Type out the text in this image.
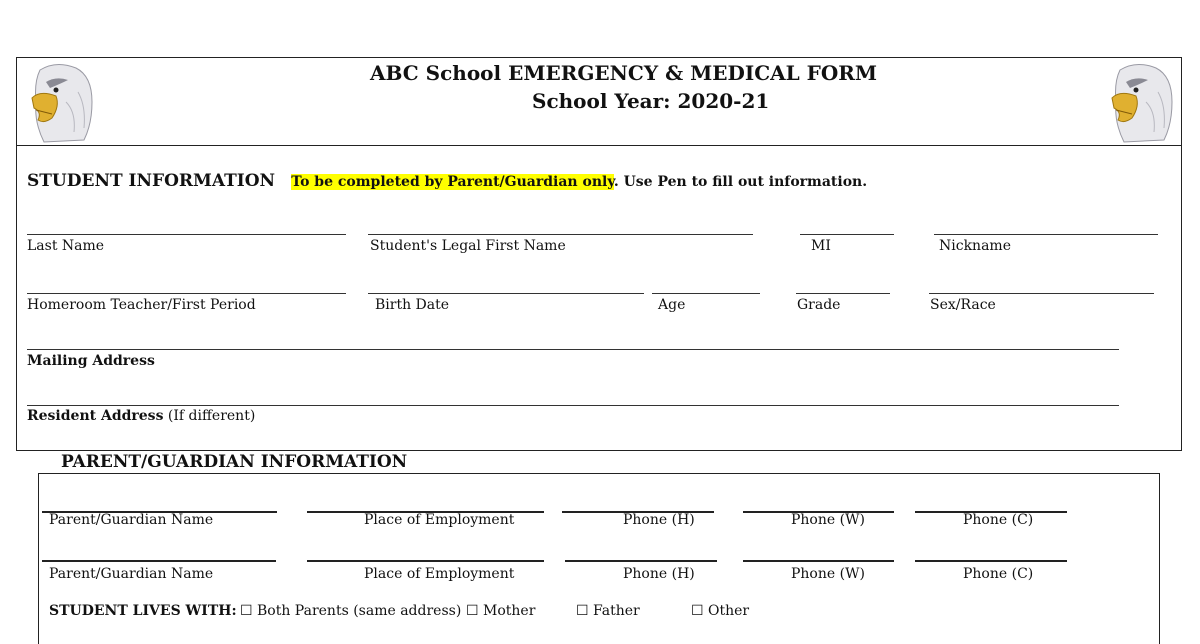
ABC School EMERGENCY & MEDICAL FORM
School Year: 2020-21
STUDENT INFORMATION To be completed by Parent/Guardian only. Use Pen to fill out information.
Last Name	Student's Legal First Name	MI	Nickname
Homeroom Teacher/First Period	Birth Date	Age	Grade	Sex/Race
Mailing Address
Resident Address (If different)
PARENT/GUARDIAN INFORMATION
Parent/Guardian Name	Place of Employment	Phone (H)	Phone (W)	Phone (C)
Parent/Guardian Name	Place of Employment	Phone (H)	Phone (W)	Phone (C)
STUDENT LIVES WITH: ☐ Both Parents (same address) ☐ Mother	☐ Father	☐ Other
